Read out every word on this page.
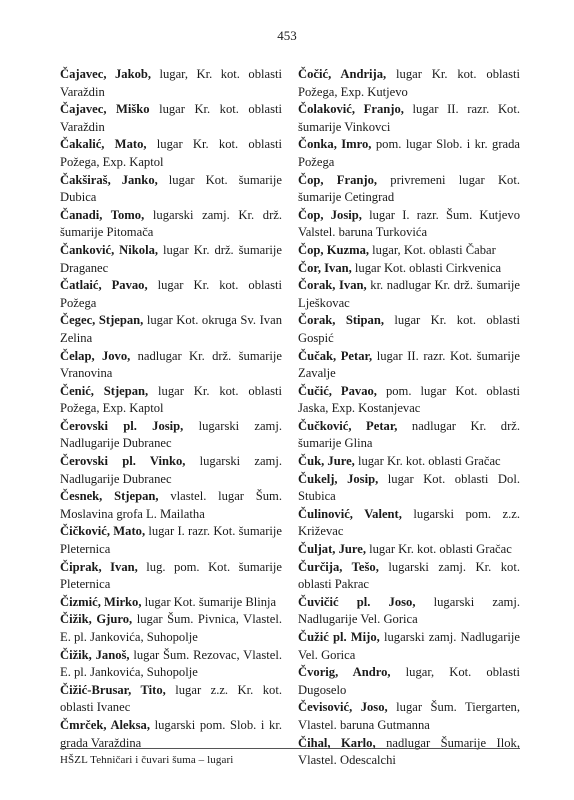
453

Čajavec, Jakob, lugar, Kr. kot. oblasti Varaždin

Čajavec, Miško lugar Kr. kot. oblasti Varaždin

Čakalić, Mato, lugar Kr. kot. oblasti Požega, Exp. Kaptol

Čakširaš, Janko, lugar Kot. šumarije Dubica

Čanadi, Tomo, lugarski zamj. Kr. drž. šumarije Pitomača

Čanković, Nikola, lugar Kr. drž. šumarije Draganec

Čatlaić, Pavao, lugar Kr. kot. oblasti Požega

Čegec, Stjepan, lugar Kot. okruga Sv. Ivan Zelina

Čelap, Jovo, nadlugar Kr. drž. šumarije Vranovina

Čenić, Stjepan, lugar Kr. kot. oblasti Požega, Exp. Kaptol

Čerovski pl. Josip, lugarski zamj. Nadlugarije Dubranec

Čerovski pl. Vinko, lugarski zamj. Nadlugarije Dubranec

Česnek, Stjepan, vlastel. lugar Šum. Moslavina grofa L. Mailatha

Čičković, Mato, lugar I. razr. Kot. šumarije Pleternica

Čiprak, Ivan, lug. pom. Kot. šumarije Pleternica

Čizmić, Mirko, lugar Kot. šumarije Blinja

Čižik, Gjuro, lugar Šum. Pivnica, Vlastel. E. pl. Jankovića, Suhopolje

Čižik, Janoš, lugar Šum. Rezovac, Vlastel. E. pl. Jankovića, Suhopolje

Čižić-Brusar, Tito, lugar z.z. Kr. kot. oblasti Ivanec

Čmrček, Aleksa, lugarski pom. Slob. i kr. grada Varaždina

Čočić, Andrija, lugar Kr. kot. oblasti Požega, Exp. Kutjevo

Čolaković, Franjo, lugar II. razr. Kot. šumarije Vinkovci

Čonka, Imro, pom. lugar Slob. i kr. grada Požega

Čop, Franjo, privremeni lugar Kot. šumarije Cetingrad

Čop, Josip, lugar I. razr. Šum. Kutjevo Valstel. baruna Turkovića

Čop, Kuzma, lugar, Kot. oblasti Čabar

Čor, Ivan, lugar Kot. oblasti Cirkvenica

Čorak, Ivan, kr. nadlugar Kr. drž. šumarije Lješkovac

Čorak, Stipan, lugar Kr. kot. oblasti Gospić

Čučak, Petar, lugar II. razr. Kot. šumarije Zavalje

Čučić, Pavao, pom. lugar Kot. oblasti Jaska, Exp. Kostanjevac

Čučković, Petar, nadlugar Kr. drž. šumarije Glina

Čuk, Jure, lugar Kr. kot. oblasti Gračac

Čukelj, Josip, lugar Kot. oblasti Dol. Stubica

Čulinović, Valent, lugarski pom. z.z. Križevac

Čuljat, Jure, lugar Kr. kot. oblasti Gračac

Čurčija, Tešo, lugarski zamj. Kr. kot. oblasti Pakrac

Čuvičić pl. Joso, lugarski zamj. Nadlugarije Vel. Gorica

Čužić pl. Mijo, lugarski zamj. Nadlugarije Vel. Gorica

Čvorig, Andro, lugar, Kot. oblasti Dugoselo

Čevisović, Joso, lugar Šum. Tiergarten, Vlastel. baruna Gutmanna

Čihal, Karlo, nadlugar Šumarije Ilok, Vlastel. Odescalchi

HŠZL Tehničari i čuvari šuma – lugari
